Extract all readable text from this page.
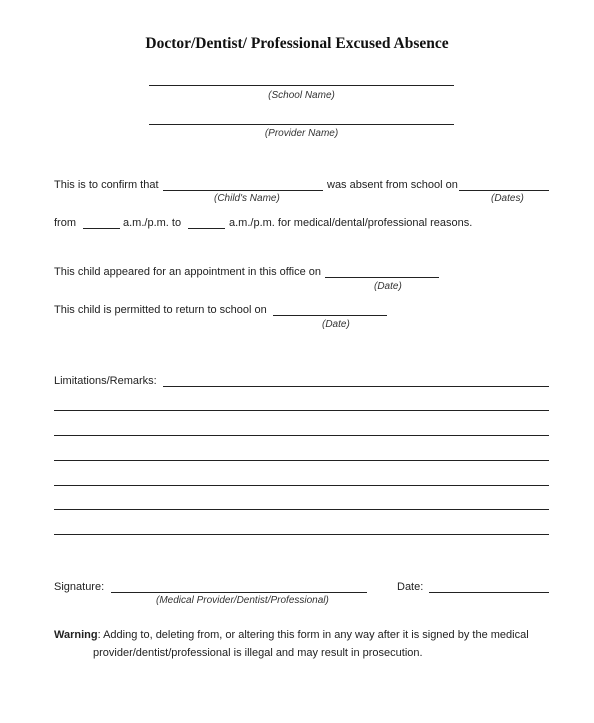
Doctor/Dentist/ Professional Excused Absence
(School Name)
(Provider Name)
This is to confirm that	was absent from school on
(Child's Name)	(Dates)
from	a.m./p.m. to	a.m./p.m. for medical/dental/professional reasons.
This child appeared for an appointment in this office on
(Date)
This child is permitted to return to school on
(Date)
Limitations/Remarks:
Signature:	Date:
(Medical Provider/Dentist/Professional)
Warning: Adding to, deleting from, or altering this form in any way after it is signed by the medical
provider/dentist/professional is illegal and may result in prosecution.
